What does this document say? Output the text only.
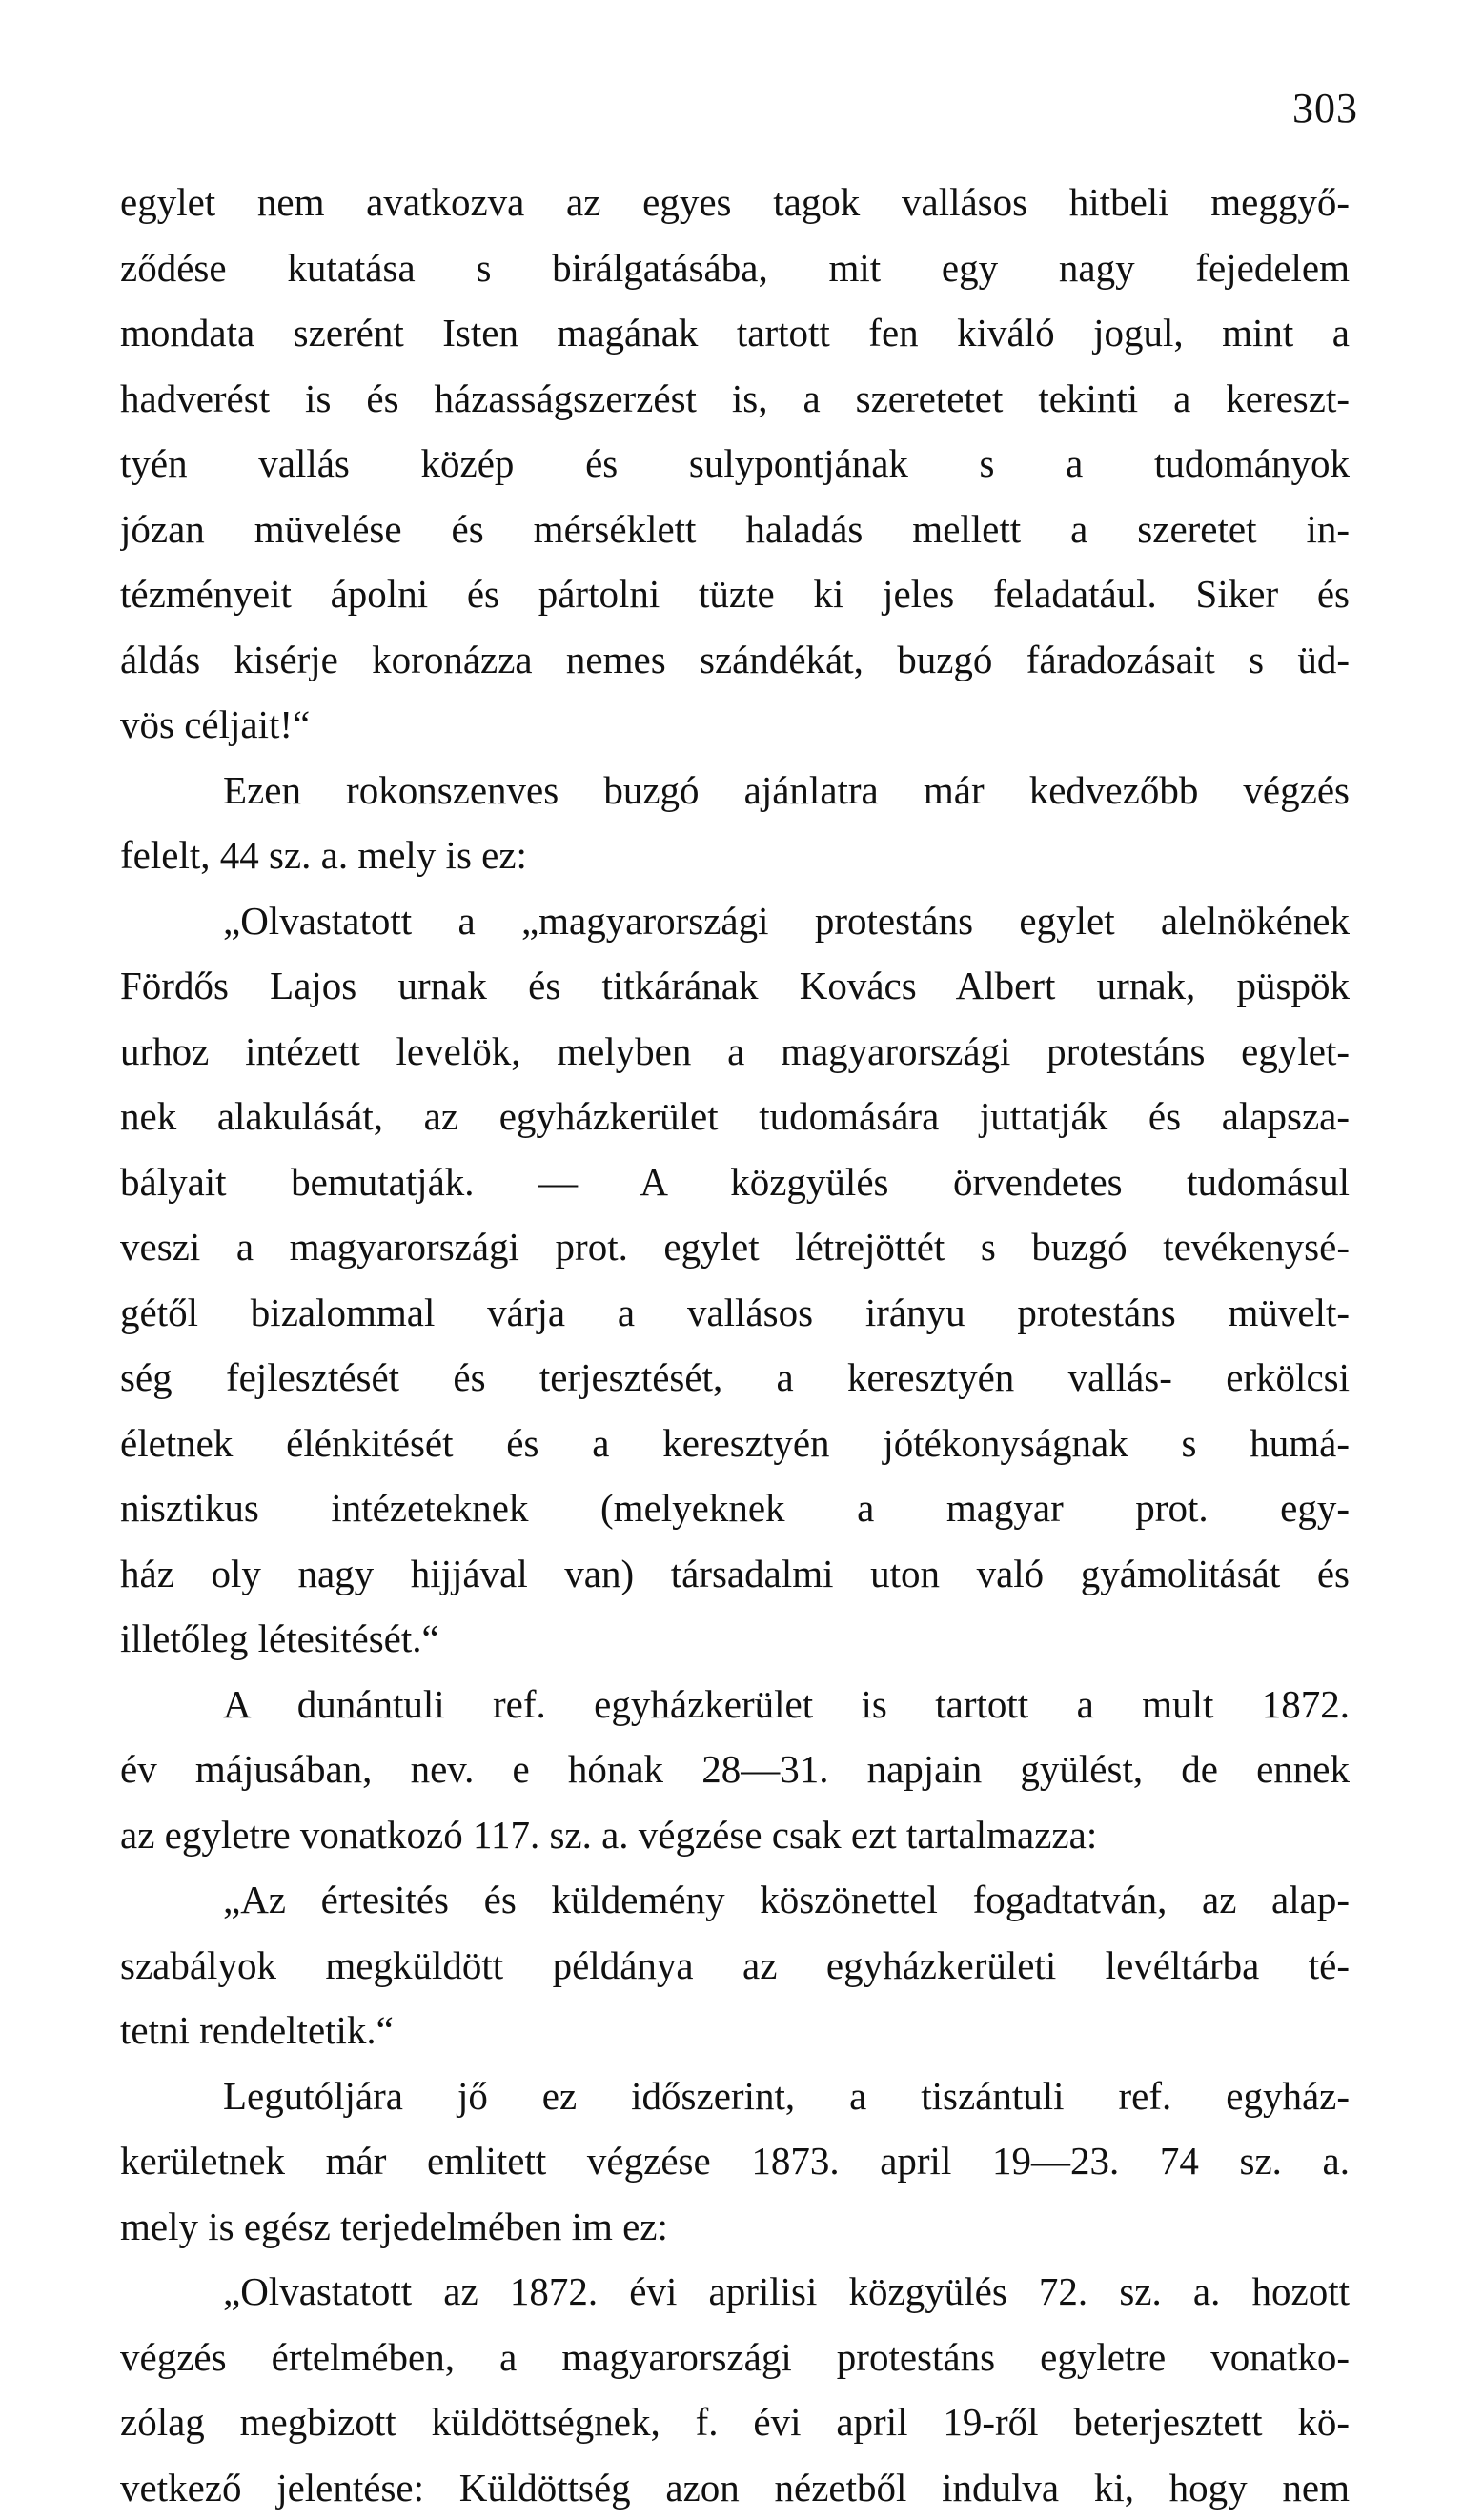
303
egylet nem avatkozva az egyes tagok vallásos hitbeli meggyő-
ződése kutatása s birálgatásába, mit egy nagy fejedelem
mondata szerént Isten magának tartott fen kiváló jogul, mint a
hadverést is és házasságszerzést is, a szeretetet tekinti a kereszt-
tyén vallás közép és sulypontjának s a tudományok
józan müvelése és mérséklett haladás mellett a szeretet in-
tézményeit ápolni és pártolni tüzte ki jeles feladatául. Siker és
áldás kisérje koronázza nemes szándékát, buzgó fáradozásait s üd-
vös céljait!“
Ezen rokonszenves buzgó ajánlatra már kedvezőbb végzés
felelt, 44 sz. a. mely is ez:
„Olvastatott a „magyarországi protestáns egylet alelnökének
Fördős Lajos urnak és titkárának Kovács Albert urnak, püspök
urhoz intézett levelök, melyben a magyarországi protestáns egylet-
nek alakulását, az egyházkerület tudomására juttatják és alapsza-
bályait bemutatják. — A közgyülés örvendetes tudomásul
veszi a magyarországi prot. egylet létrejöttét s buzgó tevékenysé-
gétől bizalommal várja a vallásos irányu protestáns müvelt-
ség fejlesztését és terjesztését, a keresztyén vallás- erkölcsi
életnek élénkitését és a keresztyén jótékonyságnak s humá-
nisztikus intézeteknek (melyeknek a magyar prot. egy-
ház oly nagy hijjával van) társadalmi uton való gyámolitását és
illetőleg létesitését.“
A dunántuli ref. egyházkerület is tartott a mult 1872.
év májusában, nev. e hónak 28—31. napjain gyülést, de ennek
az egyletre vonatkozó 117. sz. a. végzése csak ezt tartalmazza:
„Az értesités és küldemény köszönettel fogadtatván, az alap-
szabályok megküldött példánya az egyházkerületi levéltárba té-
tetni rendeltetik.“
Legutóljára jő ez időszerint, a tiszántuli ref. egyház-
kerületnek már emlitett végzése 1873. april 19—23. 74 sz. a.
mely is egész terjedelmében im ez:
„Olvastatott az 1872. évi aprilisi közgyülés 72. sz. a. hozott
végzés értelmében, a magyarországi protestáns egyletre vonatko-
zólag megbizott küldöttségnek, f. évi april 19-ről beterjesztett kö-
vetkező jelentése: Küldöttség azon nézetből indulva ki, hogy nem
